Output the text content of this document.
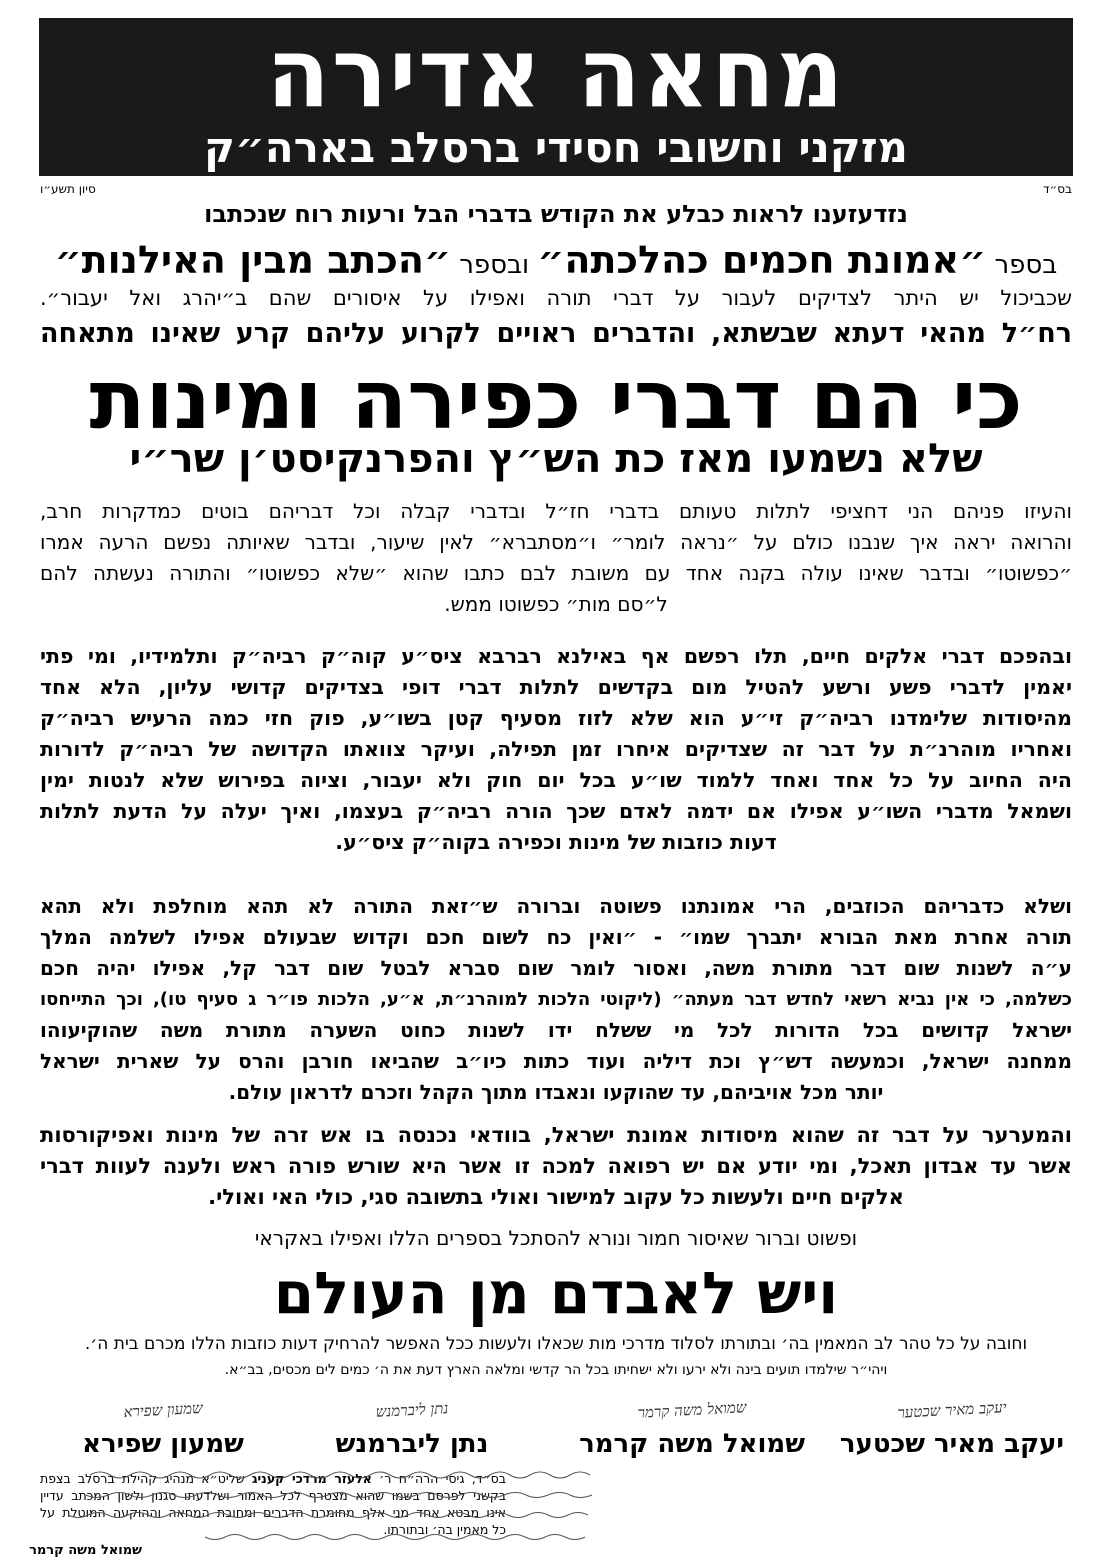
מחאה אדירה
מזקני וחשובי חסידי ברסלב בארה״ק
בס״ד
סיון תשע״ו
נזדעזענו לראות כבלע את הקודש בדברי הבל ורעות רוח שנכתבו
בספר ״אמונת חכמים כהלכתה״ ובספר ״הכתב מבין האילנות״
שכביכול יש היתר לצדיקים לעבור על דברי תורה ואפילו על איסורים שהם ב״יהרג ואל יעבור״.
רח״ל מהאי דעתא שבשתא, והדברים ראויים לקרוע עליהם קרע שאינו מתאחה
כי הם דברי כפירה ומינות
שלא נשמעו מאז כת הש״ץ והפרנקיסט׳ן שר״י
והעיזו פניהם הני דחציפי לתלות טעותם בדברי חז״ל ובדברי קבלה וכל דבריהם בוטים כמדקרות חרב,
והרואה יראה איך שנבנו כולם על ״נראה לומר״ ו״מסתברא״ לאין שיעור, ובדבר שאיותה נפשם הרעה אמרו
״כפשוטו״ ובדבר שאינו עולה בקנה אחד עם משובת לבם כתבו שהוא ״שלא כפשוטו״ והתורה נעשתה להם
ל״סם מות״ כפשוטו ממש.
ובהפכם דברי אלקים חיים, תלו רפשם אף באילנא רברבא ציס״ע קוה״ק רביה״ק ותלמידיו, ומי פתי
יאמין לדברי פשע ורשע להטיל מום בקדשים לתלות דברי דופי בצדיקים קדושי עליון, הלא אחד
מהיסודות שלימדנו רביה״ק זי״ע הוא שלא לזוז מסעיף קטן בשו״ע, פוק חזי כמה הרעיש רביה״ק
ואחריו מוהרנ״ת על דבר זה שצדיקים איחרו זמן תפילה, ועיקר צוואתו הקדושה של רביה״ק לדורות
היה החיוב על כל אחד ואחד ללמוד שו״ע בכל יום חוק ולא יעבור, וציוה בפירוש שלא לנטות ימין
ושמאל מדברי השו״ע אפילו אם ידמה לאדם שכך הורה רביה״ק בעצמו, ואיך יעלה על הדעת לתלות
דעות כוזבות של מינות וכפירה בקוה״ק ציס״ע.
ושלא כדבריהם הכוזבים, הרי אמונתנו פשוטה וברורה ש״זאת התורה לא תהא מוחלפת ולא תהא
תורה אחרת מאת הבורא יתברך שמו״ - ״ואין כח לשום חכם וקדוש שבעולם אפילו לשלמה המלך
ע״ה לשנות שום דבר מתורת משה, ואסור לומר שום סברא לבטל שום דבר קל, אפילו יהיה חכם
כשלמה, כי אין נביא רשאי לחדש דבר מעתה״ (ליקוטי הלכות למוהרנ״ת, א״ע, הלכות פו״ר ג סעיף טו), וכך התייחסו
ישראל קדושים בכל הדורות לכל מי ששלח ידו לשנות כחוט השערה מתורת משה שהוקיעוהו
ממחנה ישראל, וכמעשה דש״ץ וכת דיליה ועוד כתות כיו״ב שהביאו חורבן והרס על שארית ישראל
יותר מכל אויביהם, עד שהוקעו ונאבדו מתוך הקהל וזכרם לדראון עולם.
והמערער על דבר זה שהוא מיסודות אמונת ישראל, בוודאי נכנסה בו אש זרה של מינות ואפיקורסות
אשר עד אבדון תאכל, ומי יודע אם יש רפואה למכה זו אשר היא שורש פורה ראש ולענה לעוות דברי
אלקים חיים ולעשות כל עקוב למישור ואולי בתשובה סגי, כולי האי ואולי.
ופשוט וברור שאיסור חמור ונורא להסתכל בספרים הללו ואפילו באקראי
ויש לאבדם מן העולם
וחובה על כל טהר לב המאמין בה׳ ובתורתו לסלוד מדרכי מות שכאלו ולעשות ככל האפשר להרחיק דעות כוזבות הללו מכרם בית ה׳.
ויהי״ר שילמדו תועים בינה ולא ירעו ולא ישחיתו בכל הר קדשי ומלאה הארץ דעת את ה׳ כמים לים מכסים, בב״א.
יעקב מאיר שכטער
יעקב מאיר שכטער
שמואל משה קרמר
שמואל משה קרמר
נתן ליברמנש
נתן ליברמנש
שמעון שפירא
שמעון שפירא
בס״ד, גיסי הרה״ח ר׳ אלעזר מרדכי קעניג שליט״א מנהיג קהילת ברסלב בצפת
בקשני לפרסם בשמו שהוא מצטרף לכל האמור ושלדעתו סגנון ולשון המכתב עדיין
אינו מבטא אחד מני אלף מחומרת הדברים ומחובת המחאה וההוקעה המוטלת על
כל מאמין בה׳ ובתורתו.
שמואל משה קרמר
